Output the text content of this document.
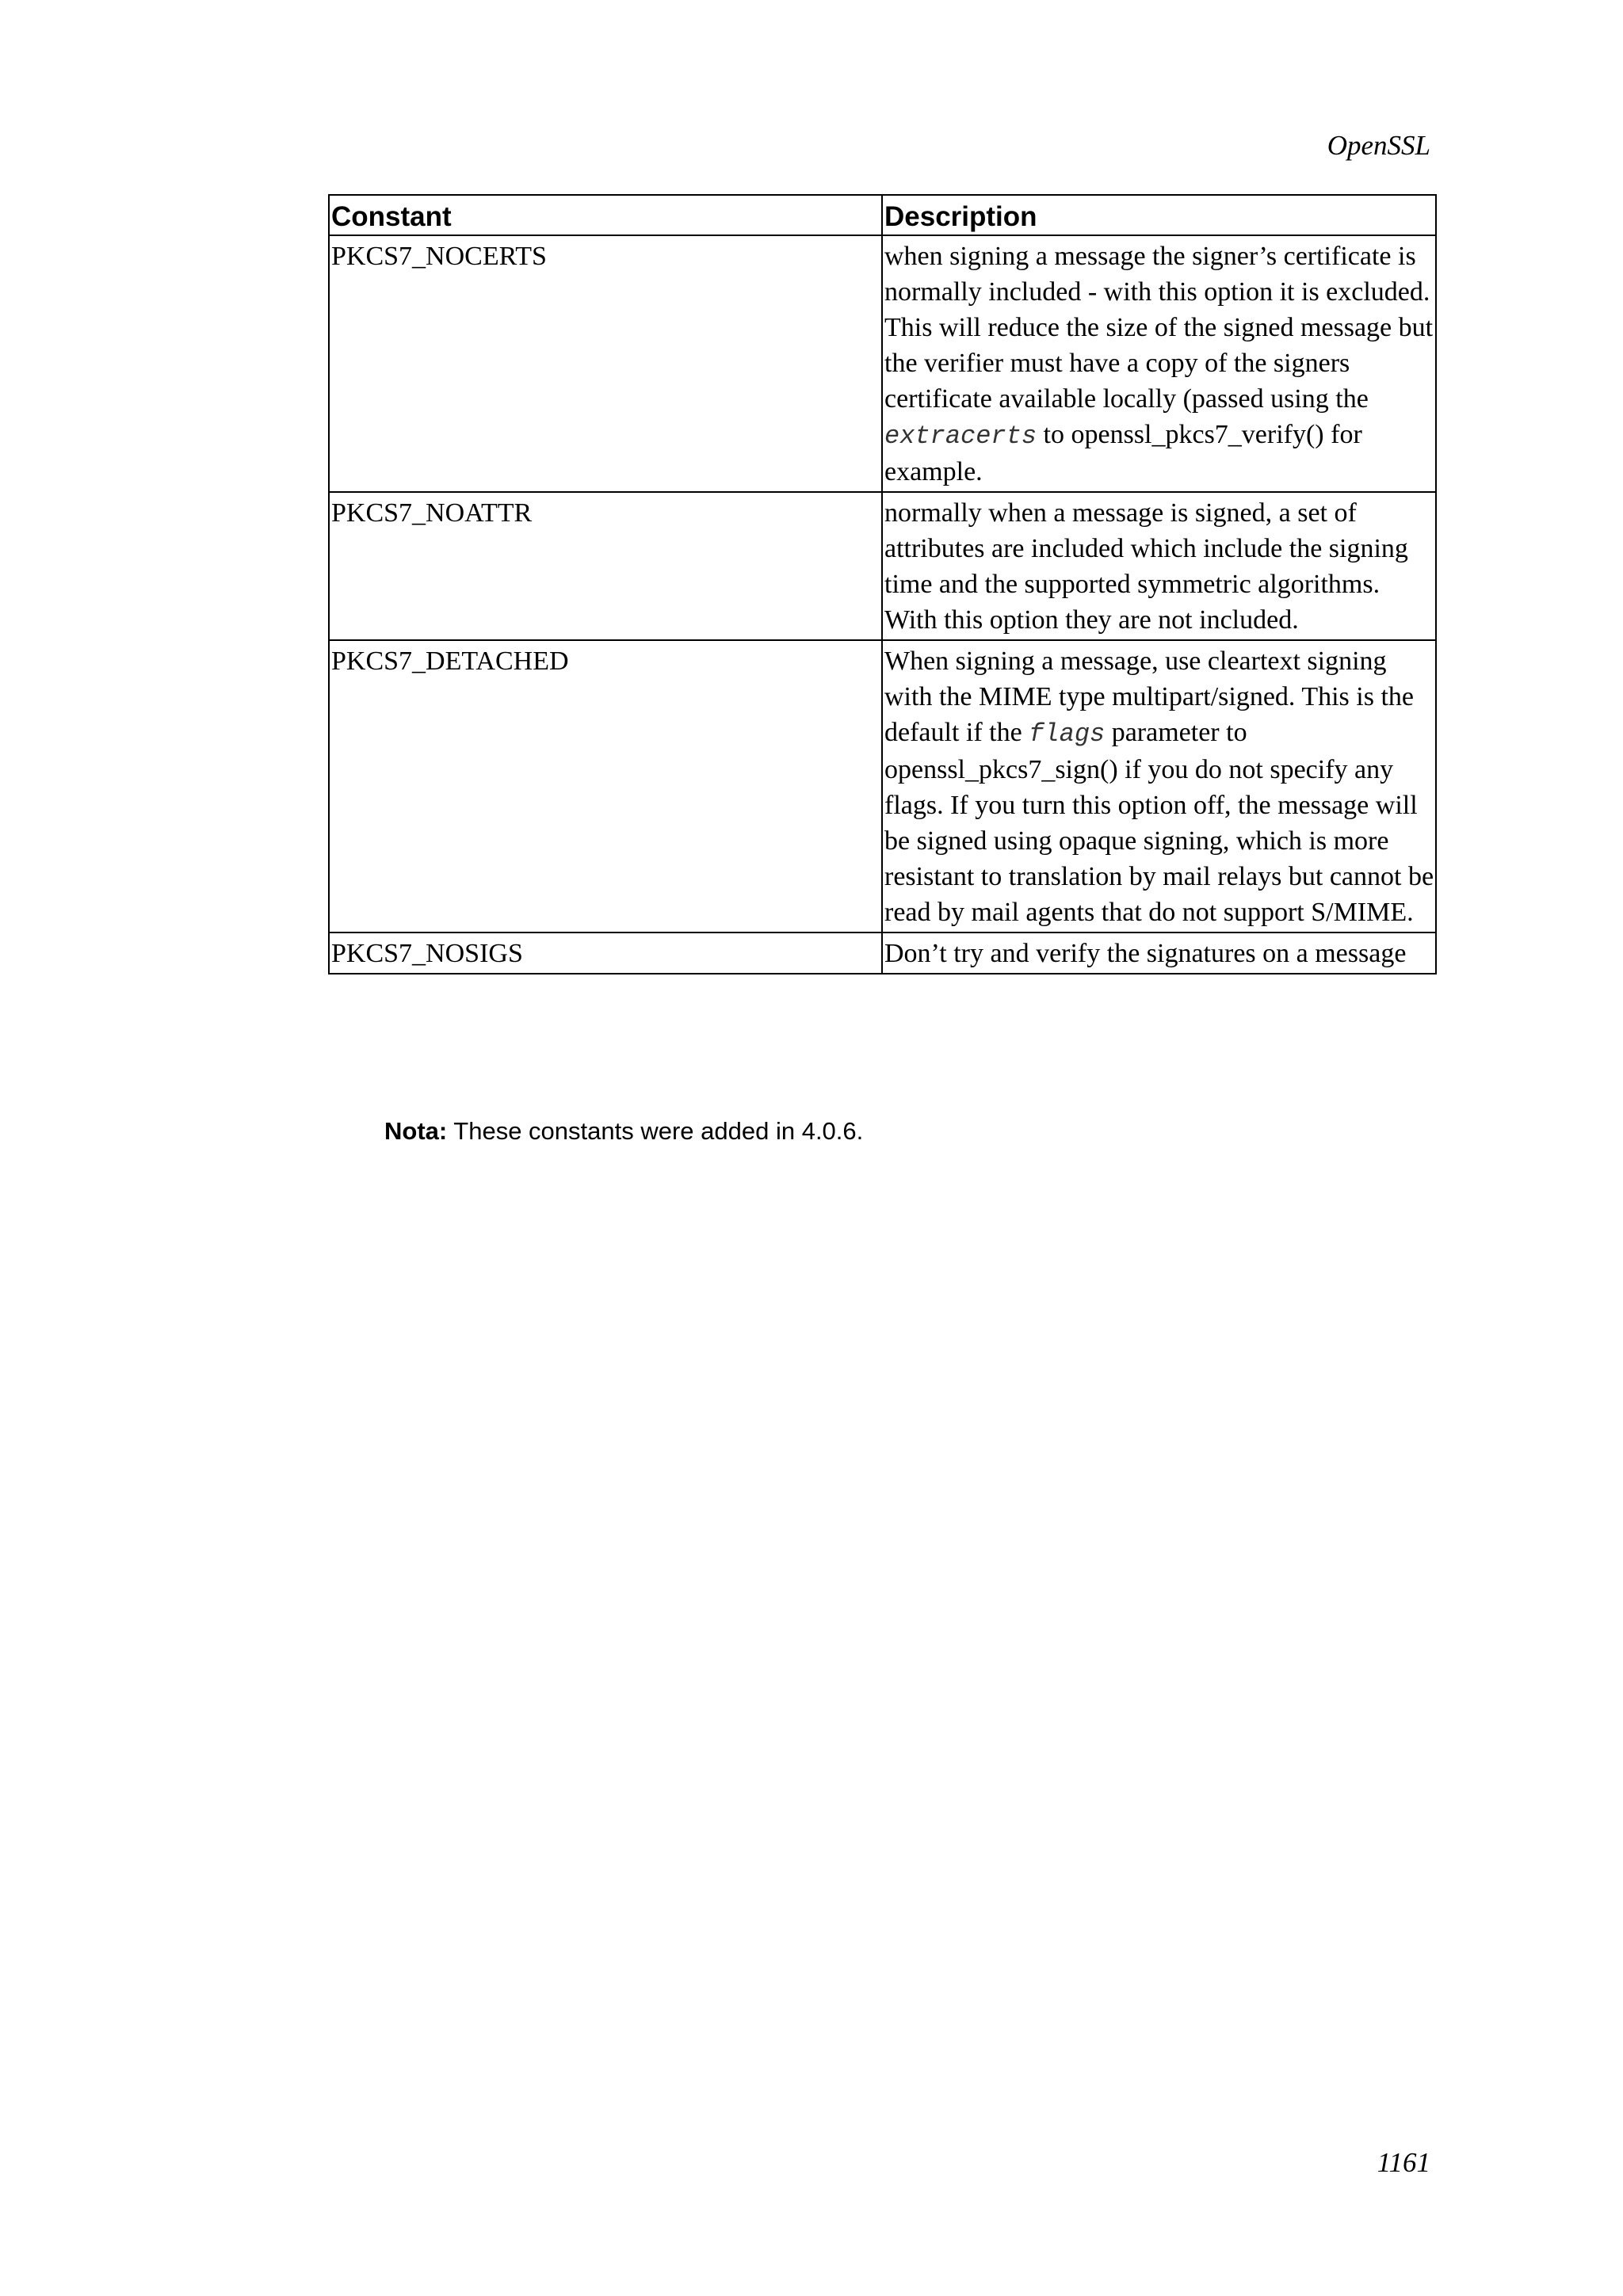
OpenSSL
Constant	Description
PKCS7_NOCERTS	when signing a message the signer’s certificate is normally included - with this option it is excluded. This will reduce the size of the signed message but the verifier must have a copy of the signers certificate available locally (passed using the extracerts to openssl_pkcs7_verify() for example.
PKCS7_NOATTR	normally when a message is signed, a set of attributes are included which include the signing time and the supported symmetric algorithms. With this option they are not included.
PKCS7_DETACHED	When signing a message, use cleartext signing with the MIME type multipart/signed. This is the default if the flags parameter to openssl_pkcs7_sign() if you do not specify any flags. If you turn this option off, the message will be signed using opaque signing, which is more resistant to translation by mail relays but cannot be read by mail agents that do not support S/MIME.
PKCS7_NOSIGS	Don’t try and verify the signatures on a message
Nota: These constants were added in 4.0.6.
1161
